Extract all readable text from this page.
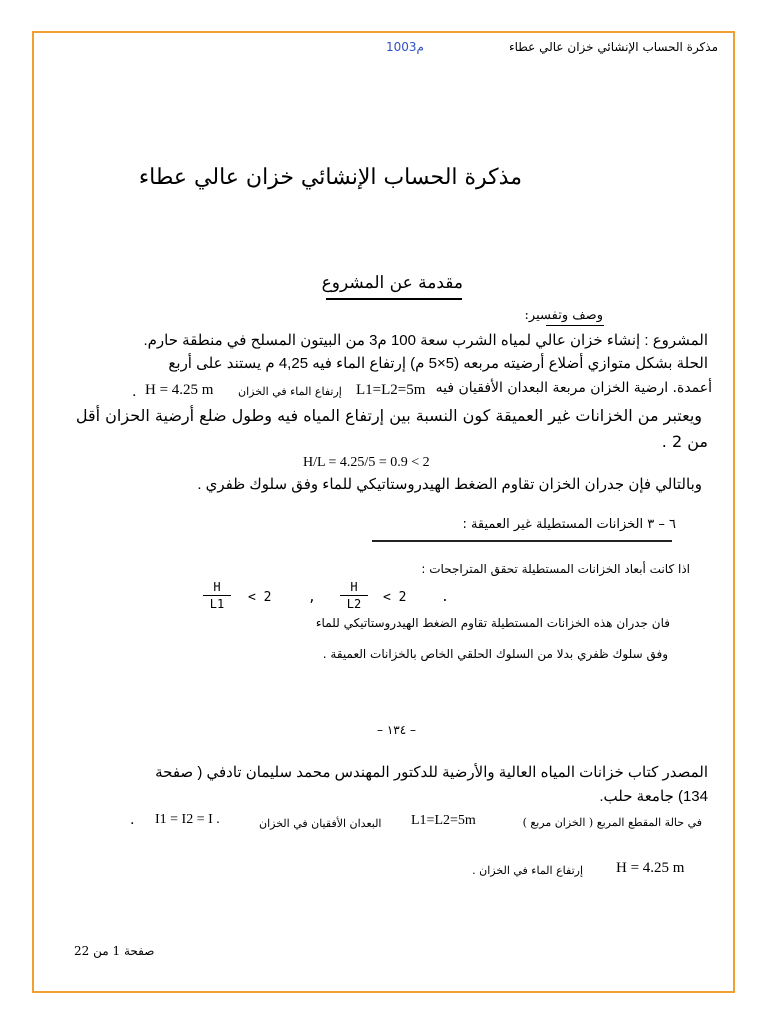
مذكرة الحساب الإنشائي خزان عالي عطاء
100م3
مذكرة الحساب الإنشائي خزان عالي عطاء
مقدمة عن المشروع
وصف وتفسير:
المشروع : إنشاء خزان عالي لمياه الشرب سعة 100 م3 من البيتون المسلح في منطقة حارم.
الحلة بشكل متوازي أضلاع أرضيته مربعه (5×5 م) إرتفاع الماء فيه 4,25 م يستند على أربع
أعمدة. ارضية الخزان مربعة البعدان الأفقيان فيه
L1=L2=5m
إرتفاع الماء في الخزان
H = 4.25 m
.
ويعتبر من الخزانات غير العميقة كون النسبة بين إرتفاع المياه فيه وطول ضلع أرضية الحزان أقل
من 2 .
H/L = 4.25/5 = 0.9 < 2
وبالتالي فإن جدران الخزان تقاوم الضغط الهيدروستاتيكي للماء وفق سلوك ظفري .
٦ – ٣ الخزانات المستطيلة غير العميقة :
اذا كانت أبعاد الخزانات المستطيلة تحقق المتراجحات :
H
L1	< 2	,
H
L2	< 2	.
فان جدران هذه الخزانات المستطيلة تقاوم الضغط الهيدروستاتيكي للماء
وفق سلوك ظفري بدلا من السلوك الحلقي الخاص بالخزانات العميقة .
– ١٣٤ –
المصدر كتاب خزانات المياه العالية والأرضية للدكتور المهندس محمد سليمان تادفي ( صفحة
134) جامعة حلب.
في حالة المقطع المربع ( الخزان مربع )
L1=L2=5m
البعدان الأفقيان في الخزان
I1 = I2 = I .
.
H = 4.25 m
إرتفاع الماء في الخزان .
صفحة 1 من 22
